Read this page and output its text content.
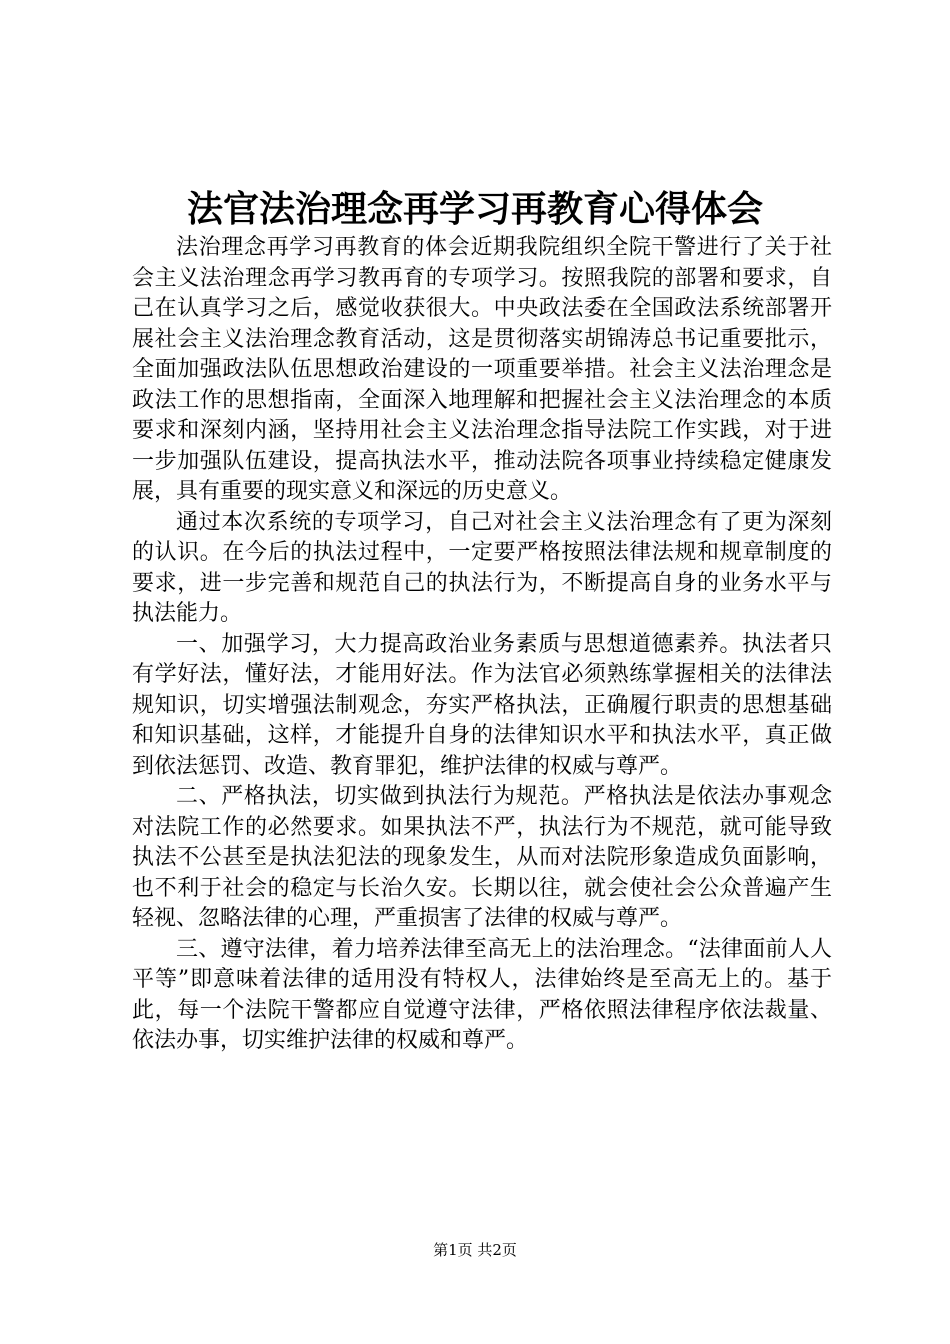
法官法治理念再学习再教育心得体会

法治理念再学习再教育的体会近期我院组织全院干警进行了关于社会主义法治理念再学习教再育的专项学习。按照我院的部署和要求，自己在认真学习之后，感觉收获很大。中央政法委在全国政法系统部署开展社会主义法治理念教育活动，这是贯彻落实胡锦涛总书记重要批示，全面加强政法队伍思想政治建设的一项重要举措。社会主义法治理念是政法工作的思想指南，全面深入地理解和把握社会主义法治理念的本质要求和深刻内涵，坚持用社会主义法治理念指导法院工作实践，对于进一步加强队伍建设，提高执法水平，推动法院各项事业持续稳定健康发展，具有重要的现实意义和深远的历史意义。

通过本次系统的专项学习，自己对社会主义法治理念有了更为深刻的认识。在今后的执法过程中，一定要严格按照法律法规和规章制度的要求，进一步完善和规范自己的执法行为，不断提高自身的业务水平与执法能力。

一、加强学习，大力提高政治业务素质与思想道德素养。执法者只有学好法，懂好法，才能用好法。作为法官必须熟练掌握相关的法律法规知识，切实增强法制观念，夯实严格执法，正确履行职责的思想基础和知识基础，这样，才能提升自身的法律知识水平和执法水平，真正做到依法惩罚、改造、教育罪犯，维护法律的权威与尊严。

二、严格执法，切实做到执法行为规范。严格执法是依法办事观念对法院工作的必然要求。如果执法不严，执法行为不规范，就可能导致执法不公甚至是执法犯法的现象发生，从而对法院形象造成负面影响，也不利于社会的稳定与长治久安。长期以往，就会使社会公众普遍产生轻视、忽略法律的心理，严重损害了法律的权威与尊严。

三、遵守法律，着力培养法律至高无上的法治理念。“法律面前人人平等”即意味着法律的适用没有特权人，法律始终是至高无上的。基于此，每一个法院干警都应自觉遵守法律，严格依照法律程序依法裁量、依法办事，切实维护法律的权威和尊严。

第1页 共2页
